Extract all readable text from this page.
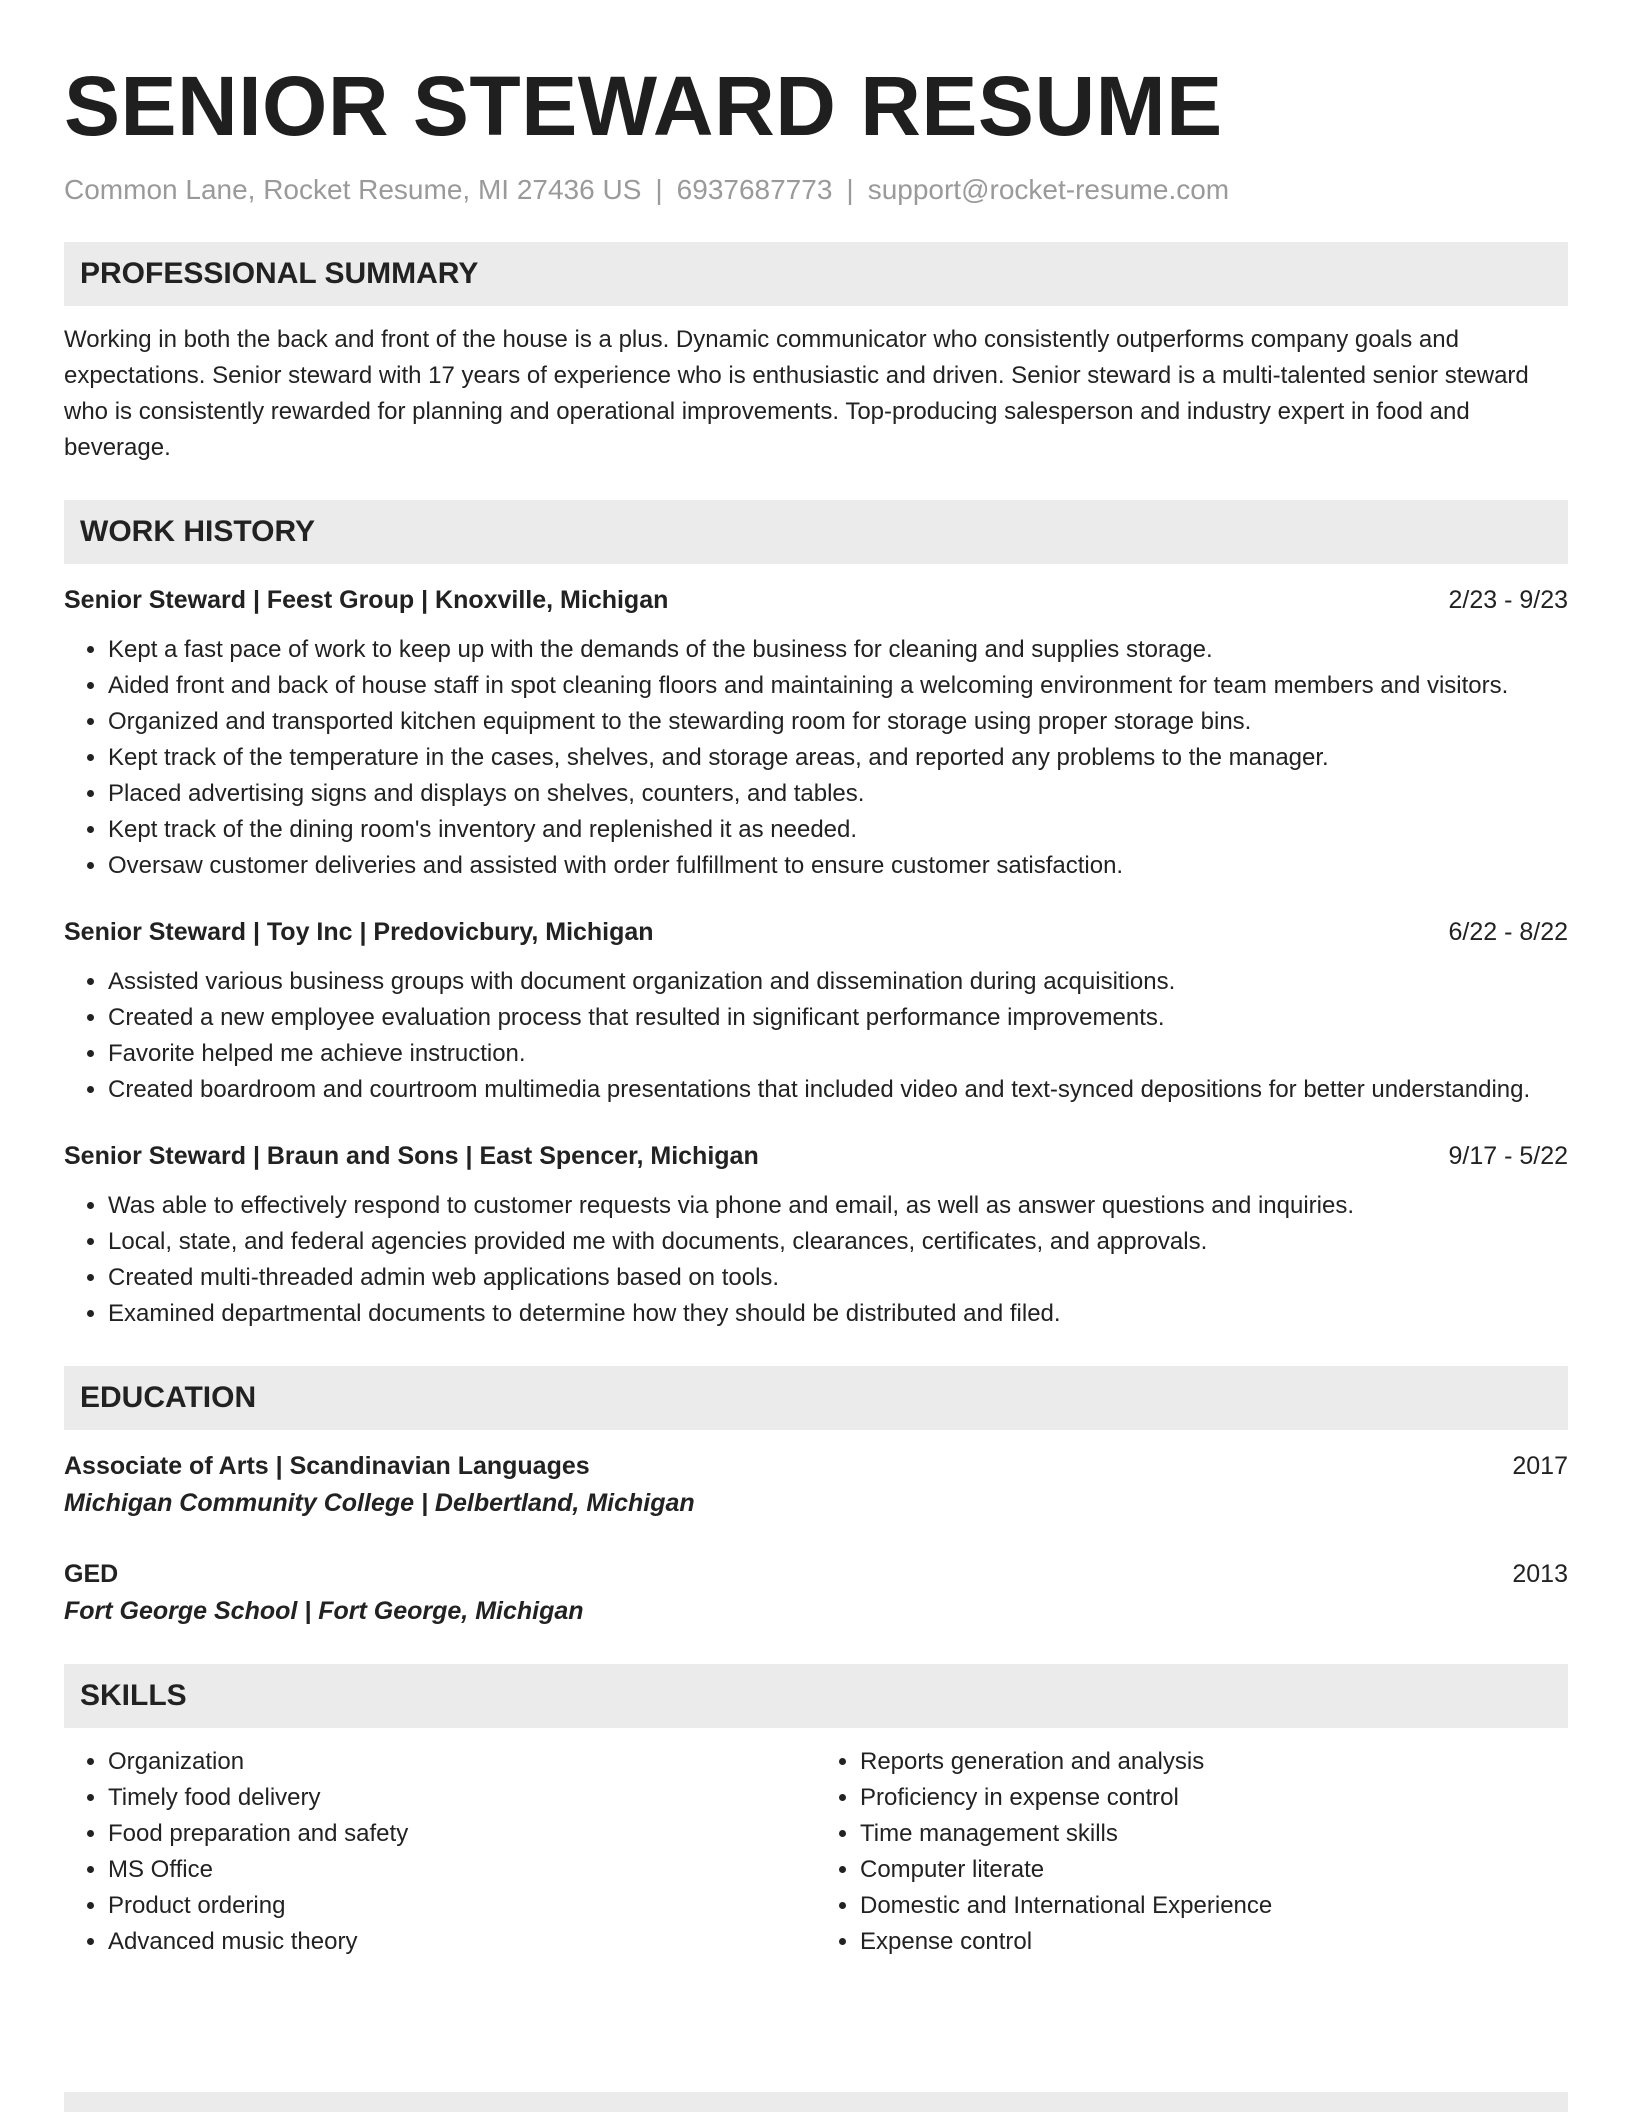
SENIOR STEWARD RESUME
Common Lane, Rocket Resume, MI 27436 US | 6937687773 | support@rocket-resume.com
PROFESSIONAL SUMMARY

Working in both the back and front of the house is a plus. Dynamic communicator who consistently outperforms company goals and expectations. Senior steward with 17 years of experience who is enthusiastic and driven. Senior steward is a multi-talented senior steward who is consistently rewarded for planning and operational improvements. Top-producing salesperson and industry expert in food and beverage.

WORK HISTORY
Senior Steward | Feest Group | Knoxville, Michigan	2/23 - 9/23
• Kept a fast pace of work to keep up with the demands of the business for cleaning and supplies storage.
• Aided front and back of house staff in spot cleaning floors and maintaining a welcoming environment for team members and visitors.
• Organized and transported kitchen equipment to the stewarding room for storage using proper storage bins.
• Kept track of the temperature in the cases, shelves, and storage areas, and reported any problems to the manager.
• Placed advertising signs and displays on shelves, counters, and tables.
• Kept track of the dining room's inventory and replenished it as needed.
• Oversaw customer deliveries and assisted with order fulfillment to ensure customer satisfaction.
Senior Steward | Toy Inc | Predovicbury, Michigan	6/22 - 8/22
• Assisted various business groups with document organization and dissemination during acquisitions.
• Created a new employee evaluation process that resulted in significant performance improvements.
• Favorite helped me achieve instruction.
• Created boardroom and courtroom multimedia presentations that included video and text-synced depositions for better understanding.
Senior Steward | Braun and Sons | East Spencer, Michigan	9/17 - 5/22
• Was able to effectively respond to customer requests via phone and email, as well as answer questions and inquiries.
• Local, state, and federal agencies provided me with documents, clearances, certificates, and approvals.
• Created multi-threaded admin web applications based on tools.
• Examined departmental documents to determine how they should be distributed and filed.
EDUCATION
Associate of Arts | Scandinavian Languages	2017
Michigan Community College | Delbertland, Michigan
GED	2013
Fort George School | Fort George, Michigan
SKILLS
• Organization
• Timely food delivery
• Food preparation and safety
• MS Office
• Product ordering
• Advanced music theory
• Reports generation and analysis
• Proficiency in expense control
• Time management skills
• Computer literate
• Domestic and International Experience
• Expense control
